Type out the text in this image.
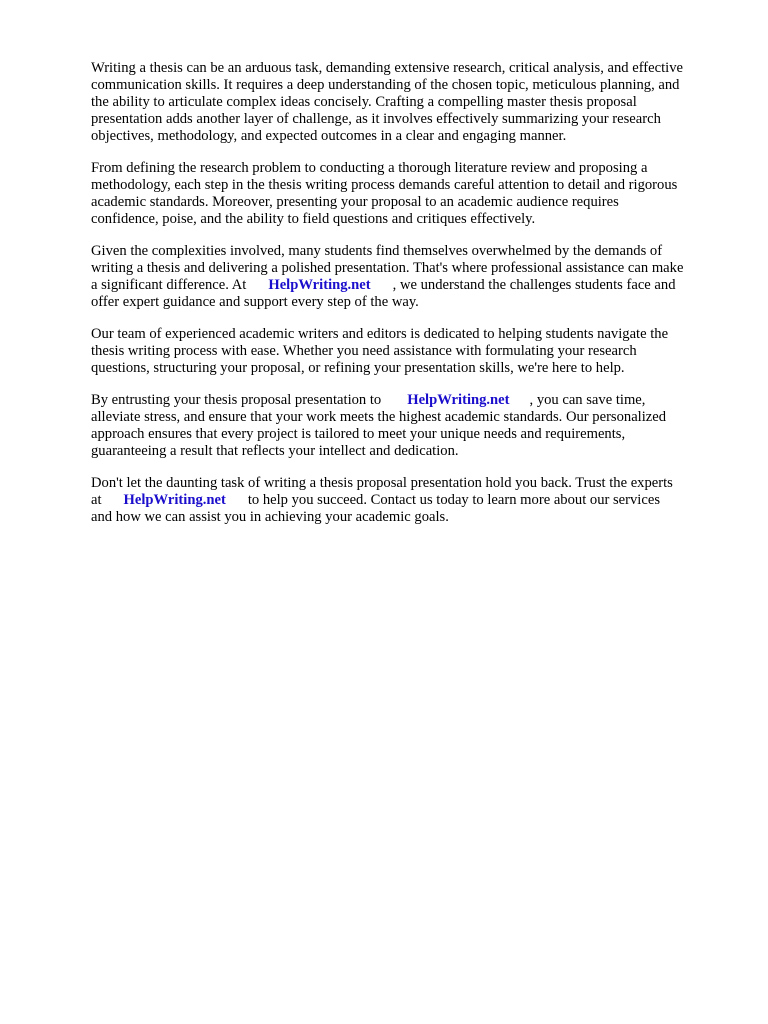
Writing a thesis can be an arduous task, demanding extensive research, critical analysis, and effective
communication skills. It requires a deep understanding of the chosen topic, meticulous planning, and
the ability to articulate complex ideas concisely. Crafting a compelling master thesis proposal
presentation adds another layer of challenge, as it involves effectively summarizing your research
objectives, methodology, and expected outcomes in a clear and engaging manner.
From defining the research problem to conducting a thorough literature review and proposing a
methodology, each step in the thesis writing process demands careful attention to detail and rigorous
academic standards. Moreover, presenting your proposal to an academic audience requires
confidence, poise, and the ability to field questions and critiques effectively.
Given the complexities involved, many students find themselves overwhelmed by the demands of
writing a thesis and delivering a polished presentation. That's where professional assistance can make
a significant difference. At HelpWriting.net , we understand the challenges students face and
offer expert guidance and support every step of the way.
Our team of experienced academic writers and editors is dedicated to helping students navigate the
thesis writing process with ease. Whether you need assistance with formulating your research
questions, structuring your proposal, or refining your presentation skills, we're here to help.
By entrusting your thesis proposal presentation to HelpWriting.net , you can save time,
alleviate stress, and ensure that your work meets the highest academic standards. Our personalized
approach ensures that every project is tailored to meet your unique needs and requirements,
guaranteeing a result that reflects your intellect and dedication.
Don't let the daunting task of writing a thesis proposal presentation hold you back. Trust the experts
at HelpWriting.net to help you succeed. Contact us today to learn more about our services
and how we can assist you in achieving your academic goals.
